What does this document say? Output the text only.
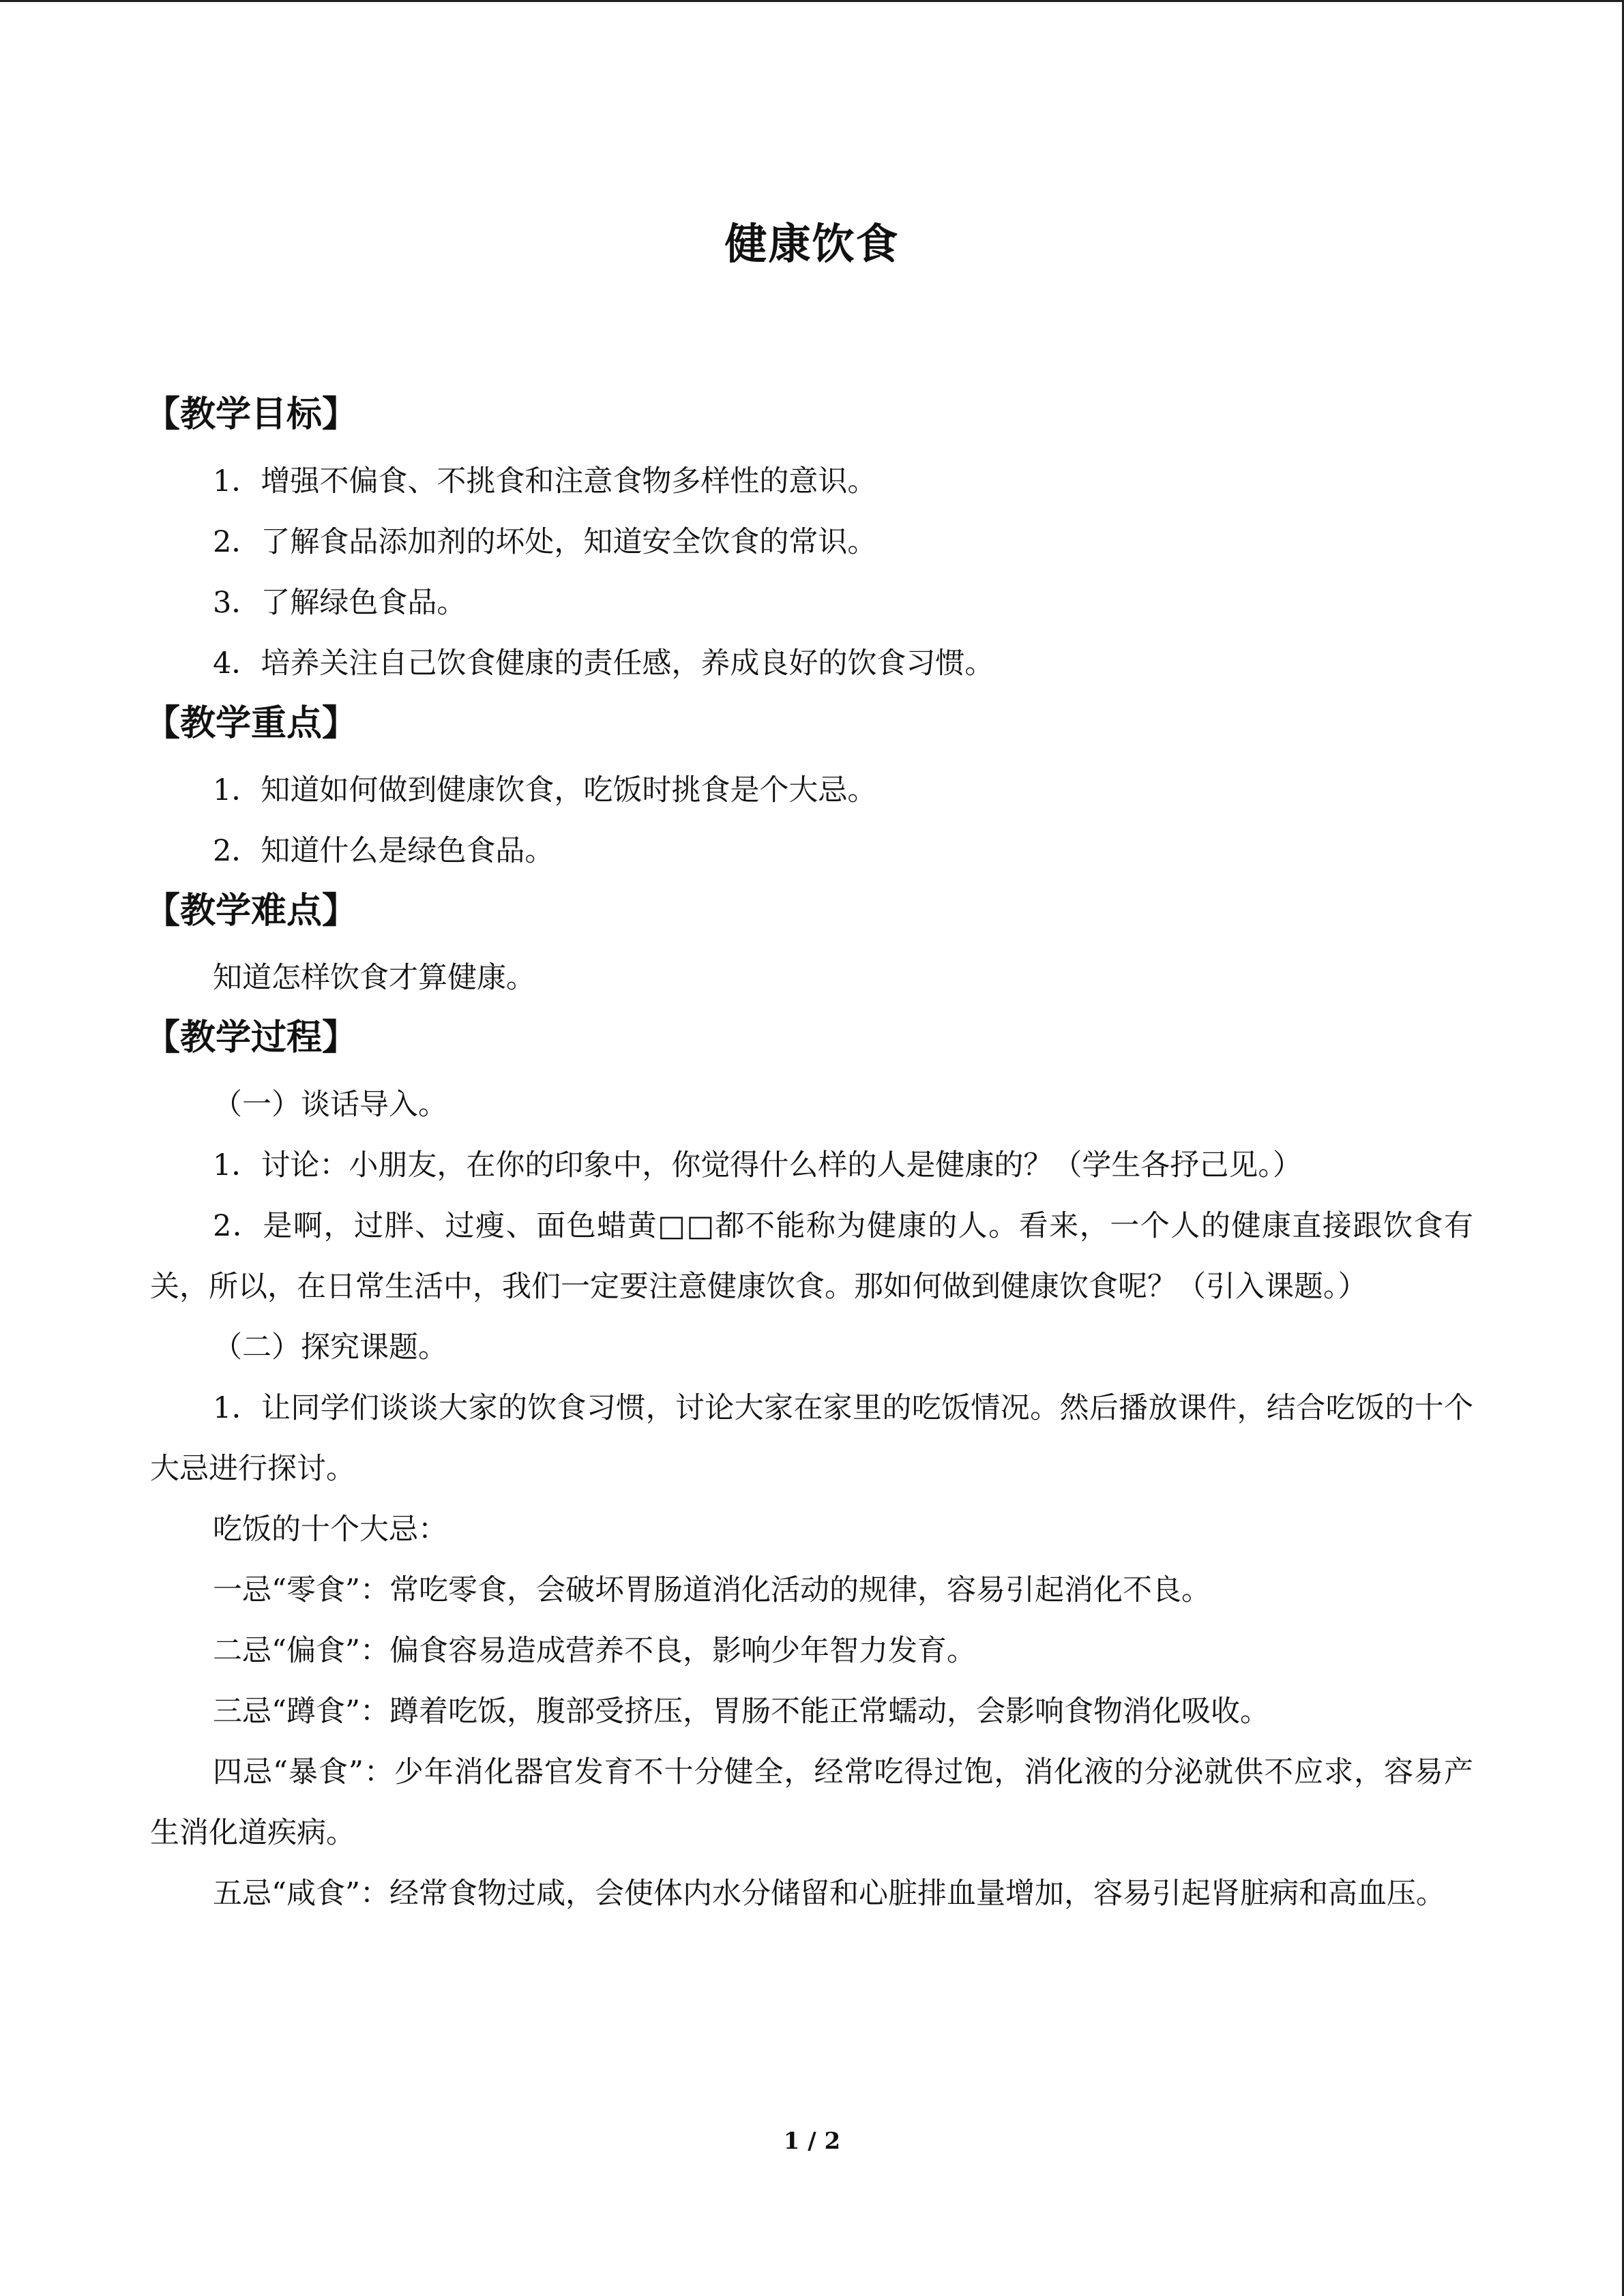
健康饮食
【教学目标】
1．增强不偏食、不挑食和注意食物多样性的意识。
2．了解食品添加剂的坏处，知道安全饮食的常识。
3．了解绿色食品。
4．培养关注自己饮食健康的责任感，养成良好的饮食习惯。
【教学重点】
1．知道如何做到健康饮食，吃饭时挑食是个大忌。
2．知道什么是绿色食品。
【教学难点】
知道怎样饮食才算健康。
【教学过程】
（一）谈话导入。
1．讨论：小朋友，在你的印象中，你觉得什么样的人是健康的？（学生各抒己见。）
2．是啊，过胖、过瘦、面色蜡黄□□都不能称为健康的人。看来，一个人的健康直接跟饮食有关，所以，在日常生活中，我们一定要注意健康饮食。那如何做到健康饮食呢？（引入课题。）
（二）探究课题。
1．让同学们谈谈大家的饮食习惯，讨论大家在家里的吃饭情况。然后播放课件，结合吃饭的十个大忌进行探讨。
吃饭的十个大忌：
一忌“零食”：常吃零食，会破坏胃肠道消化活动的规律，容易引起消化不良。
二忌“偏食”：偏食容易造成营养不良，影响少年智力发育。
三忌“蹲食”：蹲着吃饭，腹部受挤压，胃肠不能正常蠕动，会影响食物消化吸收。
四忌“暴食”：少年消化器官发育不十分健全，经常吃得过饱，消化液的分泌就供不应求，容易产生消化道疾病。
五忌“咸食”：经常食物过咸，会使体内水分储留和心脏排血量增加，容易引起肾脏病和高血压。
1 / 2
